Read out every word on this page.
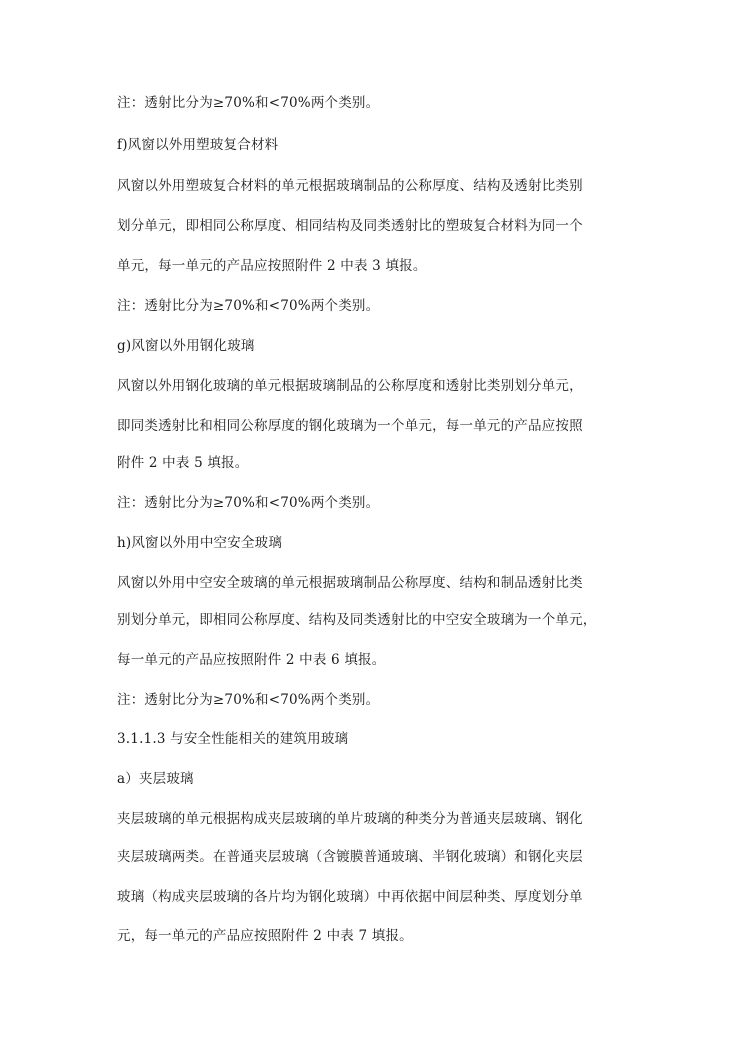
注：透射比分为≥70%和<70%两个类别。
f)风窗以外用塑玻复合材料
风窗以外用塑玻复合材料的单元根据玻璃制品的公称厚度、结构及透射比类别
划分单元，即相同公称厚度、相同结构及同类透射比的塑玻复合材料为同一个
单元，每一单元的产品应按照附件 2 中表 3 填报。
注：透射比分为≥70%和<70%两个类别。
g)风窗以外用钢化玻璃
风窗以外用钢化玻璃的单元根据玻璃制品的公称厚度和透射比类别划分单元，
即同类透射比和相同公称厚度的钢化玻璃为一个单元，每一单元的产品应按照
附件 2 中表 5 填报。
注：透射比分为≥70%和<70%两个类别。
h)风窗以外用中空安全玻璃
风窗以外用中空安全玻璃的单元根据玻璃制品公称厚度、结构和制品透射比类
别划分单元，即相同公称厚度、结构及同类透射比的中空安全玻璃为一个单元，
每一单元的产品应按照附件 2 中表 6 填报。
注：透射比分为≥70%和<70%两个类别。
3.1.1.3 与安全性能相关的建筑用玻璃
a）夹层玻璃
夹层玻璃的单元根据构成夹层玻璃的单片玻璃的种类分为普通夹层玻璃、钢化
夹层玻璃两类。在普通夹层玻璃（含镀膜普通玻璃、半钢化玻璃）和钢化夹层
玻璃（构成夹层玻璃的各片均为钢化玻璃）中再依据中间层种类、厚度划分单
元，每一单元的产品应按照附件 2 中表 7 填报。
